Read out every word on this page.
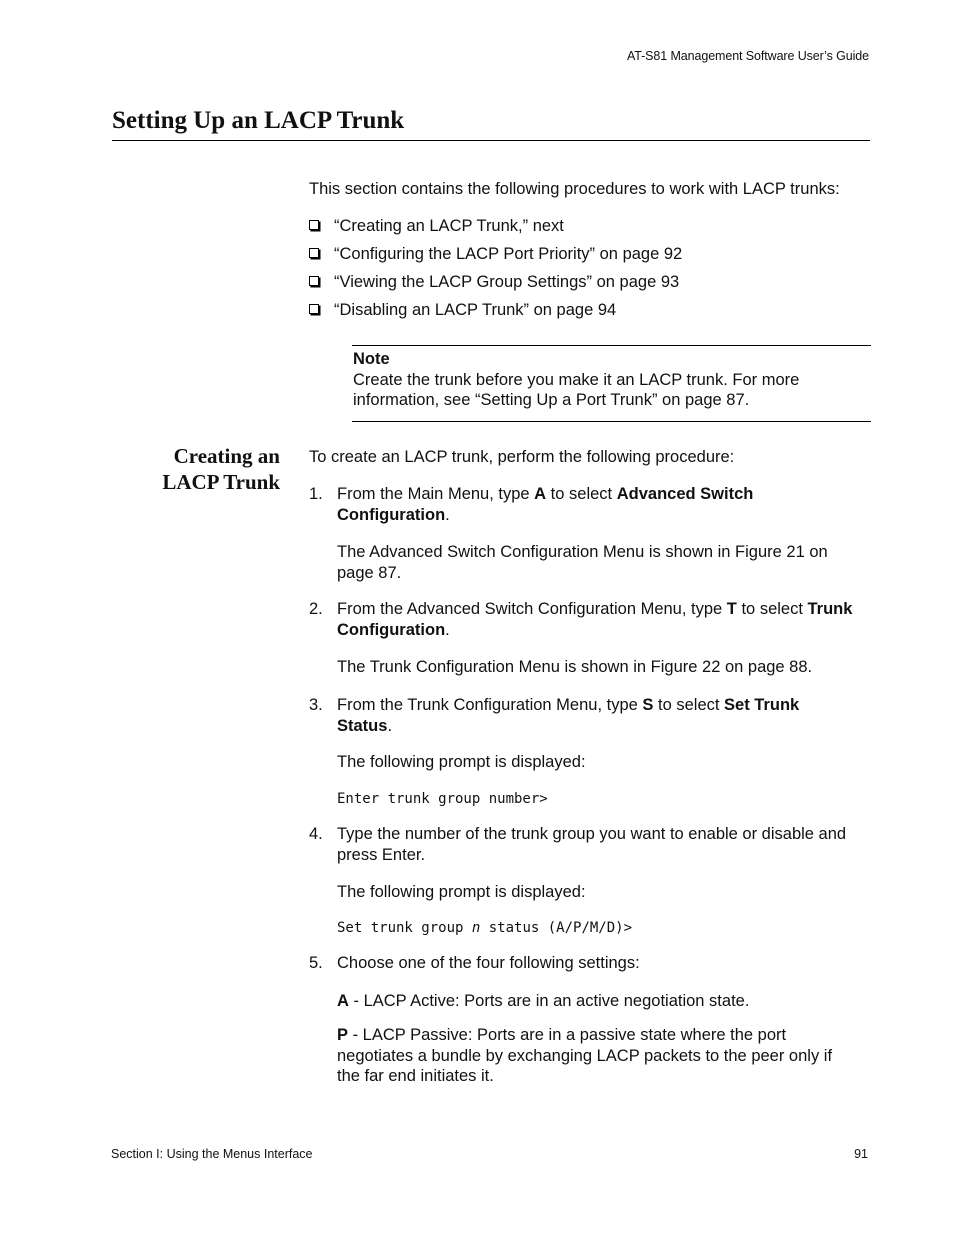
AT-S81 Management Software User’s Guide
Setting Up an LACP Trunk
This section contains the following procedures to work with LACP trunks:
“Creating an LACP Trunk,” next
“Configuring the LACP Port Priority” on page 92
“Viewing the LACP Group Settings” on page 93
“Disabling an LACP Trunk” on page 94
Note
Create the trunk before you make it an LACP trunk. For more
information, see “Setting Up a Port Trunk” on page 87.
Creating an
LACP Trunk
To create an LACP trunk, perform the following procedure:
1. From the Main Menu, type A to select Advanced Switch
Configuration.
The Advanced Switch Configuration Menu is shown in Figure 21 on
page 87.
2. From the Advanced Switch Configuration Menu, type T to select Trunk
Configuration.
The Trunk Configuration Menu is shown in Figure 22 on page 88.
3. From the Trunk Configuration Menu, type S to select Set Trunk
Status.
The following prompt is displayed:
Enter trunk group number>
4. Type the number of the trunk group you want to enable or disable and
press Enter.
The following prompt is displayed:
Set trunk group n status (A/P/M/D)>
5. Choose one of the four following settings:
A - LACP Active: Ports are in an active negotiation state.
P - LACP Passive: Ports are in a passive state where the port
negotiates a bundle by exchanging LACP packets to the peer only if
the far end initiates it.
Section I: Using the Menus Interface	91
